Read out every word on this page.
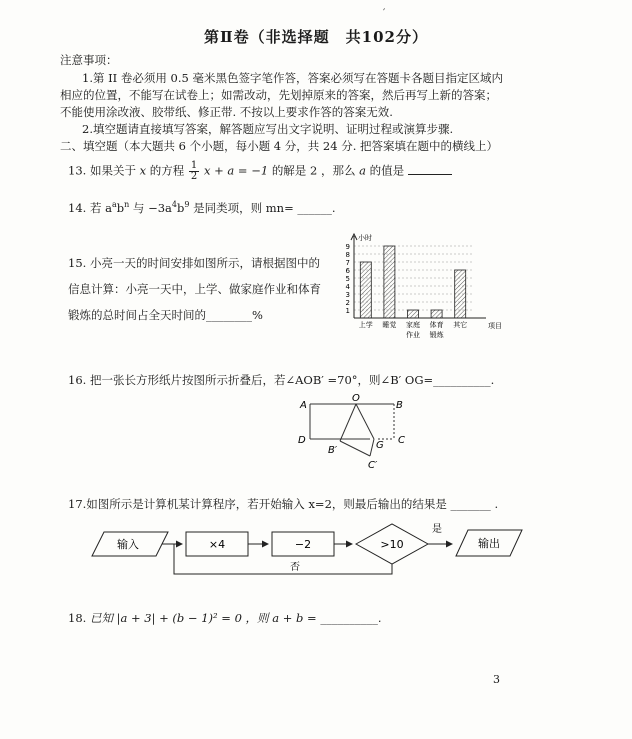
第Ⅱ卷（非选择题　共102分）
′
注意事项：
1.第 II 卷必须用 0.5 毫米黑色签字笔作答，答案必须写在答题卡各题目指定区域内
相应的位置，不能写在试卷上；如需改动，先划掉原来的答案，然后再写上新的答案；
不能使用涂改液、胶带纸、修正带. 不按以上要求作答的答案无效.
2.填空题请直接填写答案，解答题应写出文字说明、证明过程或演算步骤.
二、填空题（本大题共 6 个小题，每小题 4 分，共 24 分. 把答案填在题中的横线上）
13. 如果关于 x 的方程 $\frac{1}{2}$ x + a = −1 的解是 2 ，那么 a 的值是
14. 若 $a^ab^n$ 与 $-3a^4b^9$ 是同类项，则 mn= ______.
15. 小亮一天的时间安排如图所示，请根据图中的
信息计算：小亮一天中，上学、做家庭作业和体育
锻炼的总时间占全天时间的________%	1
2
3
4
5
6
7
8
9
小时
项目
上学 睡觉 家庭
作业
体育
锻炼
其它
16. 把一张长方形纸片按图所示折叠后，若∠AOB′ =70°，则∠B′ OG=__________.
A
O
B
D	G C
B′
C′
17.如图所示是计算机某计算程序，若开始输入 x=2，则最后输出的结果是 _______ .
输入	×4	−2	>10
是
输出
否
18. 已知 |a + 3| + (b − 1)² = 0 ，则 a + b = __________.
3
